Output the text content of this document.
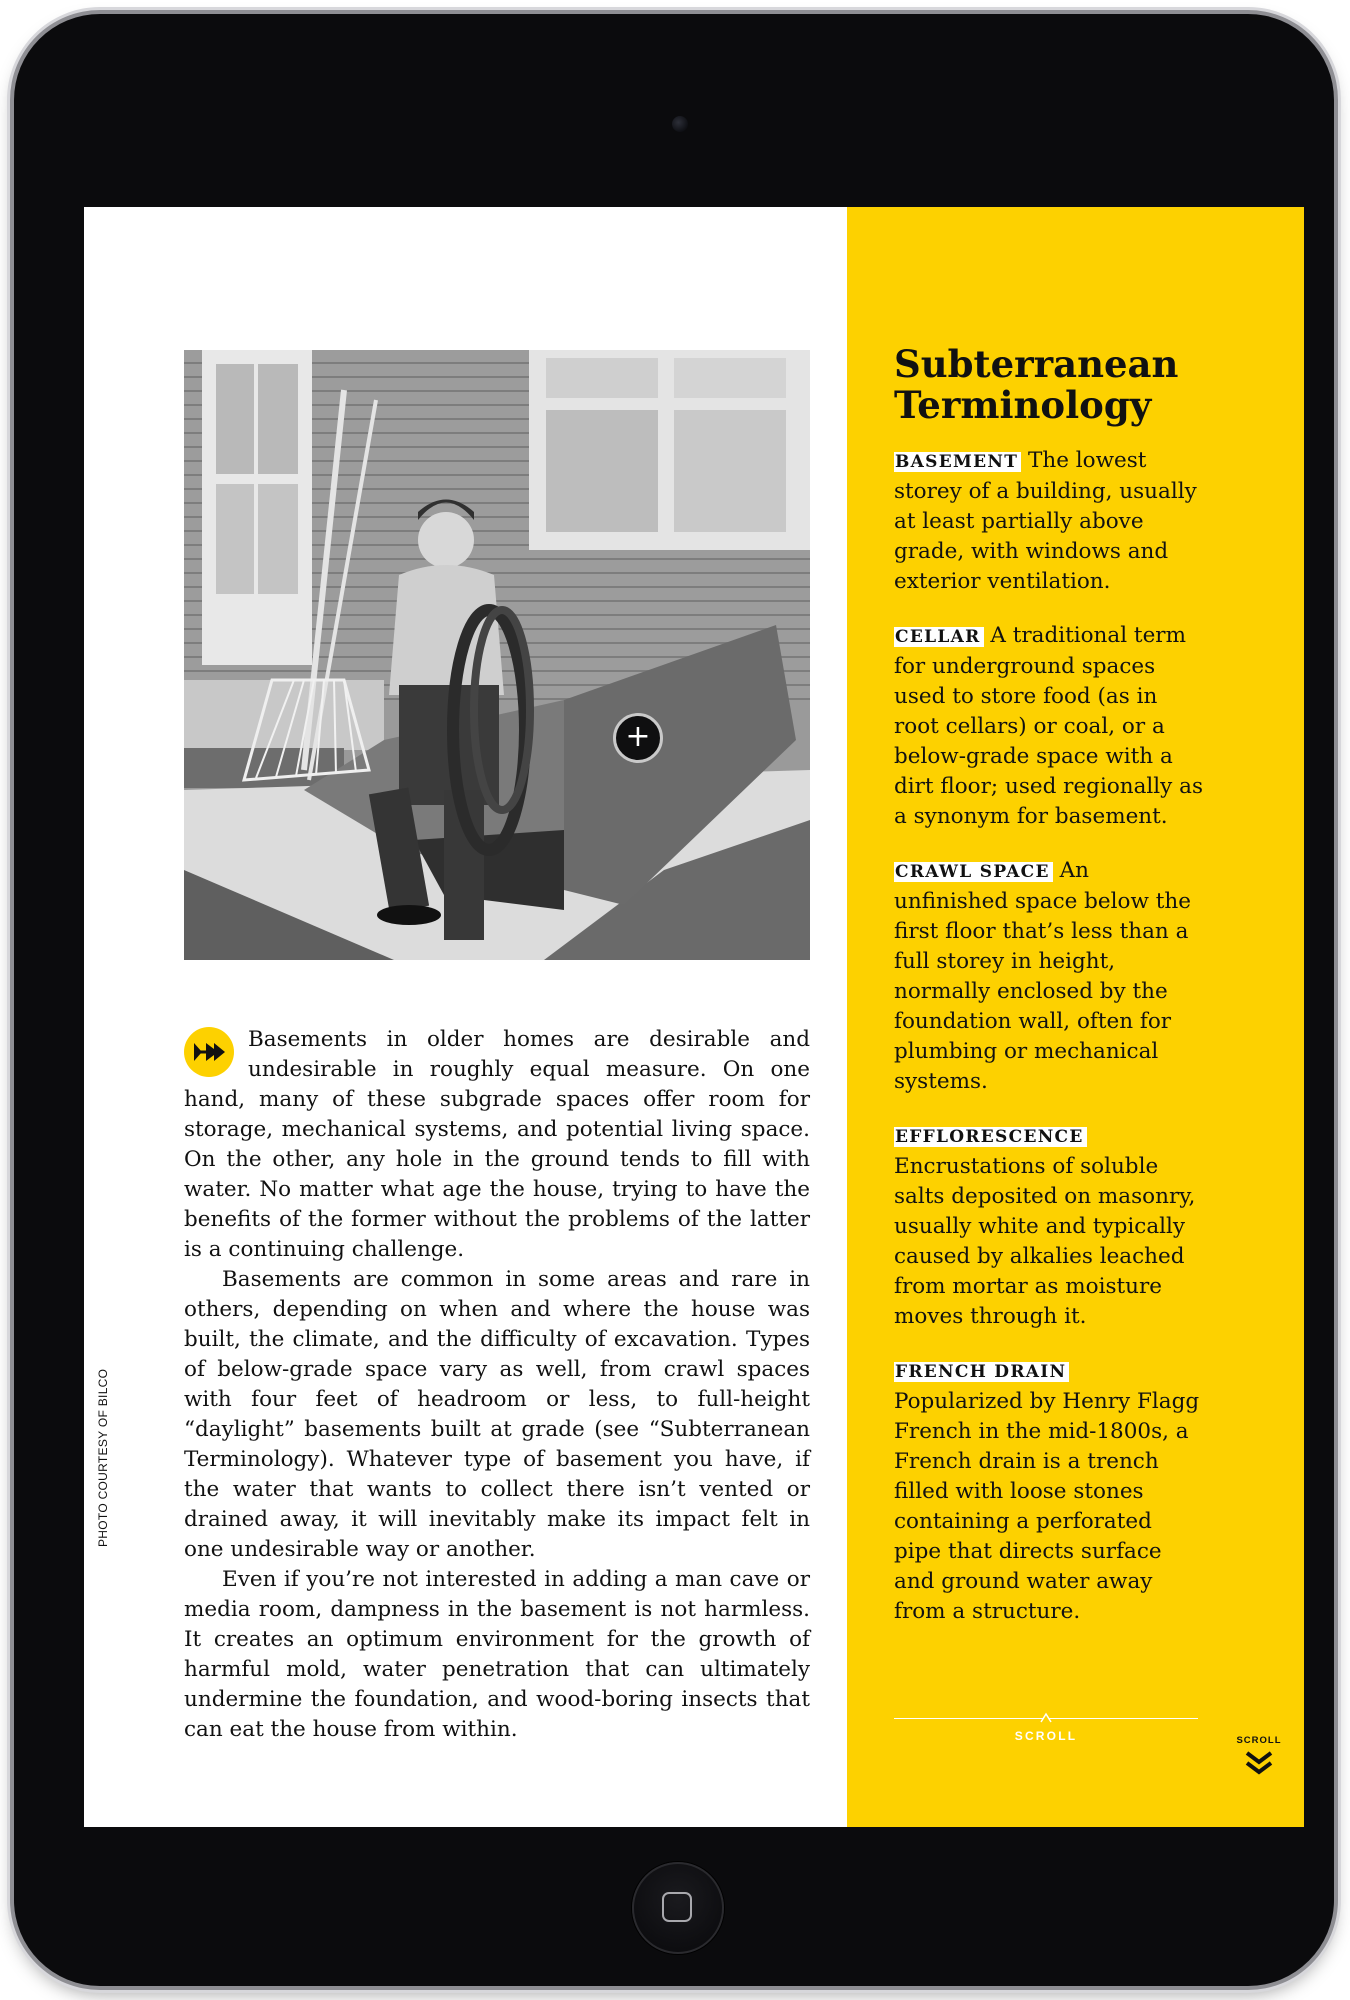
+
PHOTO COURTESY OF BILCO

Basements in older homes are desirable and undesirable in roughly equal measure. On one hand, many of these subgrade spaces offer room for storage, mechanical systems, and potential living space. On the other, any hole in the ground tends to fill with water. No matter what age the house, trying to have the benefits of the former without the problems of the latter is a continuing challenge.

Basements are common in some areas and rare in others, depending on when and where the house was built, the climate, and the difficulty of excavation. Types of below-grade space vary as well, from crawl spaces with four feet of headroom or less, to full-height “daylight” basements built at grade (see “Subterranean Terminology). Whatever type of basement you have, if the water that wants to collect there isn’t vented or drained away, it will inevitably make its impact felt in one undesirable way or another.

Even if you’re not interested in adding a man cave or media room, dampness in the basement is not harmless. It creates an optimum environment for the growth of harmful mold, water penetration that can ultimately undermine the foundation, and wood-boring insects that can eat the house from within.

Subterranean Terminology
BASEMENT The lowest storey of a building, usually at least partially above grade, with windows and exterior ventilation.
CELLAR A traditional term for underground spaces used to store food (as in root cellars) or coal, or a below-grade space with a dirt floor; used regionally as a synonym for basement.
CRAWL SPACE An unfinished space below the first floor that’s less than a full storey in height, normally enclosed by the foundation wall, often for plumbing or mechanical systems.
EFFLORESCENCE
Encrustations of soluble salts deposited on masonry, usually white and typically caused by alkalies leached from mortar as moisture moves through it.
FRENCH DRAIN
Popularized by Henry Flagg French in the mid-1800s, a French drain is a trench filled with loose stones containing a perforated pipe that directs surface and ground water away from a structure.
SCROLL	SCROLL
